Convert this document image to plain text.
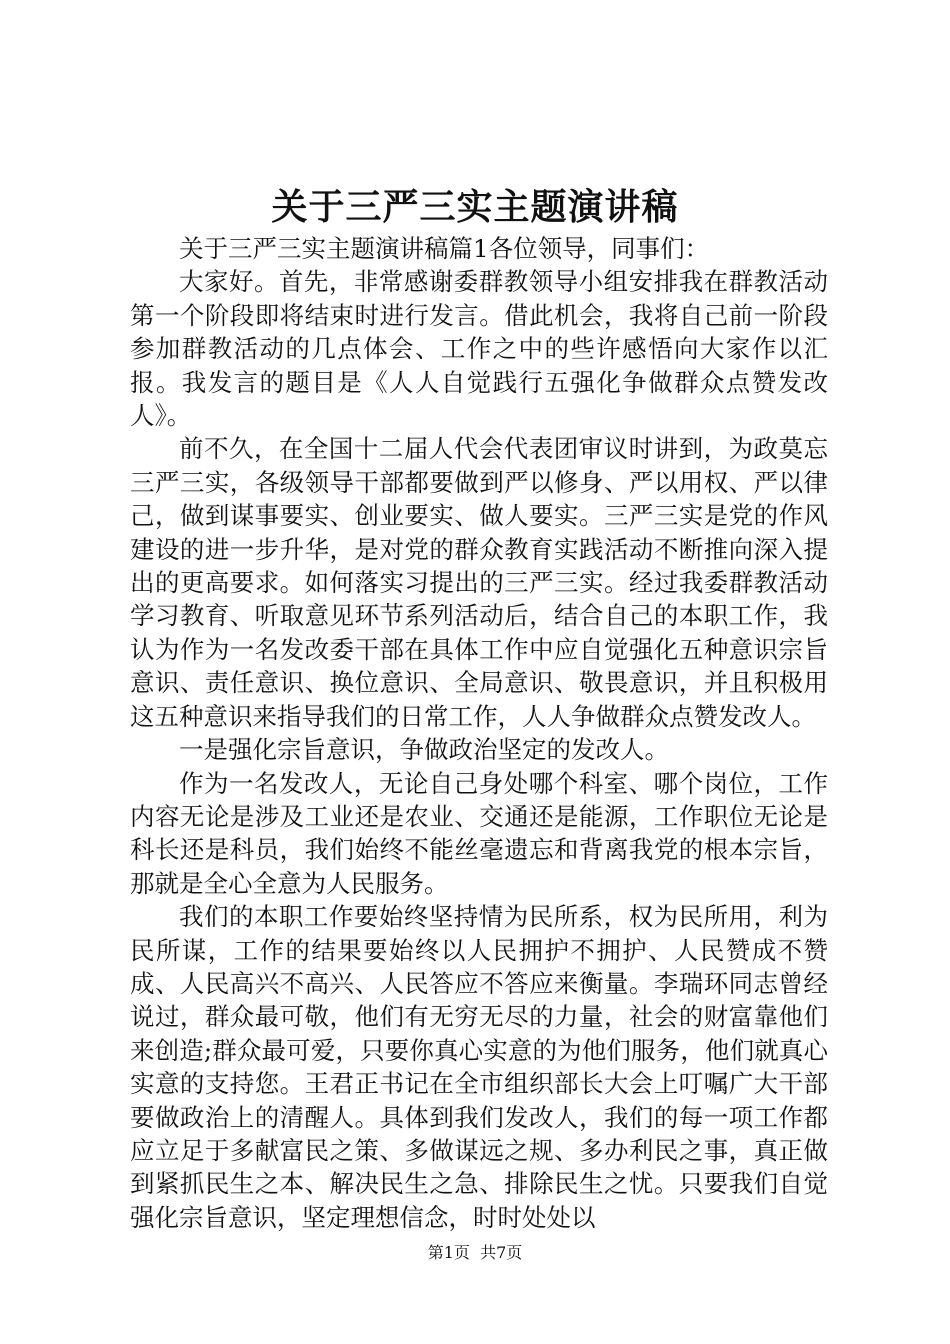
关于三严三实主题演讲稿

关于三严三实主题演讲稿篇1各位领导，同事们：

大家好。首先，非常感谢委群教领导小组安排我在群教活动第一个阶段即将结束时进行发言。借此机会，我将自己前一阶段参加群教活动的几点体会、工作之中的些许感悟向大家作以汇报。我发言的题目是《人人自觉践行五强化争做群众点赞发改人》。

前不久，在全国十二届人代会代表团审议时讲到，为政莫忘三严三实，各级领导干部都要做到严以修身、严以用权、严以律己，做到谋事要实、创业要实、做人要实。三严三实是党的作风建设的进一步升华，是对党的群众教育实践活动不断推向深入提出的更高要求。如何落实习提出的三严三实。经过我委群教活动学习教育、听取意见环节系列活动后，结合自己的本职工作，我认为作为一名发改委干部在具体工作中应自觉强化五种意识宗旨意识、责任意识、换位意识、全局意识、敬畏意识，并且积极用这五种意识来指导我们的日常工作，人人争做群众点赞发改人。

一是强化宗旨意识，争做政治坚定的发改人。

作为一名发改人，无论自己身处哪个科室、哪个岗位，工作内容无论是涉及工业还是农业、交通还是能源，工作职位无论是科长还是科员，我们始终不能丝毫遗忘和背离我党的根本宗旨，那就是全心全意为人民服务。

我们的本职工作要始终坚持情为民所系，权为民所用，利为民所谋，工作的结果要始终以人民拥护不拥护、人民赞成不赞成、人民高兴不高兴、人民答应不答应来衡量。李瑞环同志曾经说过，群众最可敬，他们有无穷无尽的力量，社会的财富靠他们来创造;群众最可爱，只要你真心实意的为他们服务，他们就真心实意的支持您。王君正书记在全市组织部长大会上叮嘱广大干部要做政治上的清醒人。具体到我们发改人，我们的每一项工作都应立足于多献富民之策、多做谋远之规、多办利民之事，真正做到紧抓民生之本、解决民生之急、排除民生之忧。只要我们自觉强化宗旨意识，坚定理想信念，时时处处以

第1页 共7页
